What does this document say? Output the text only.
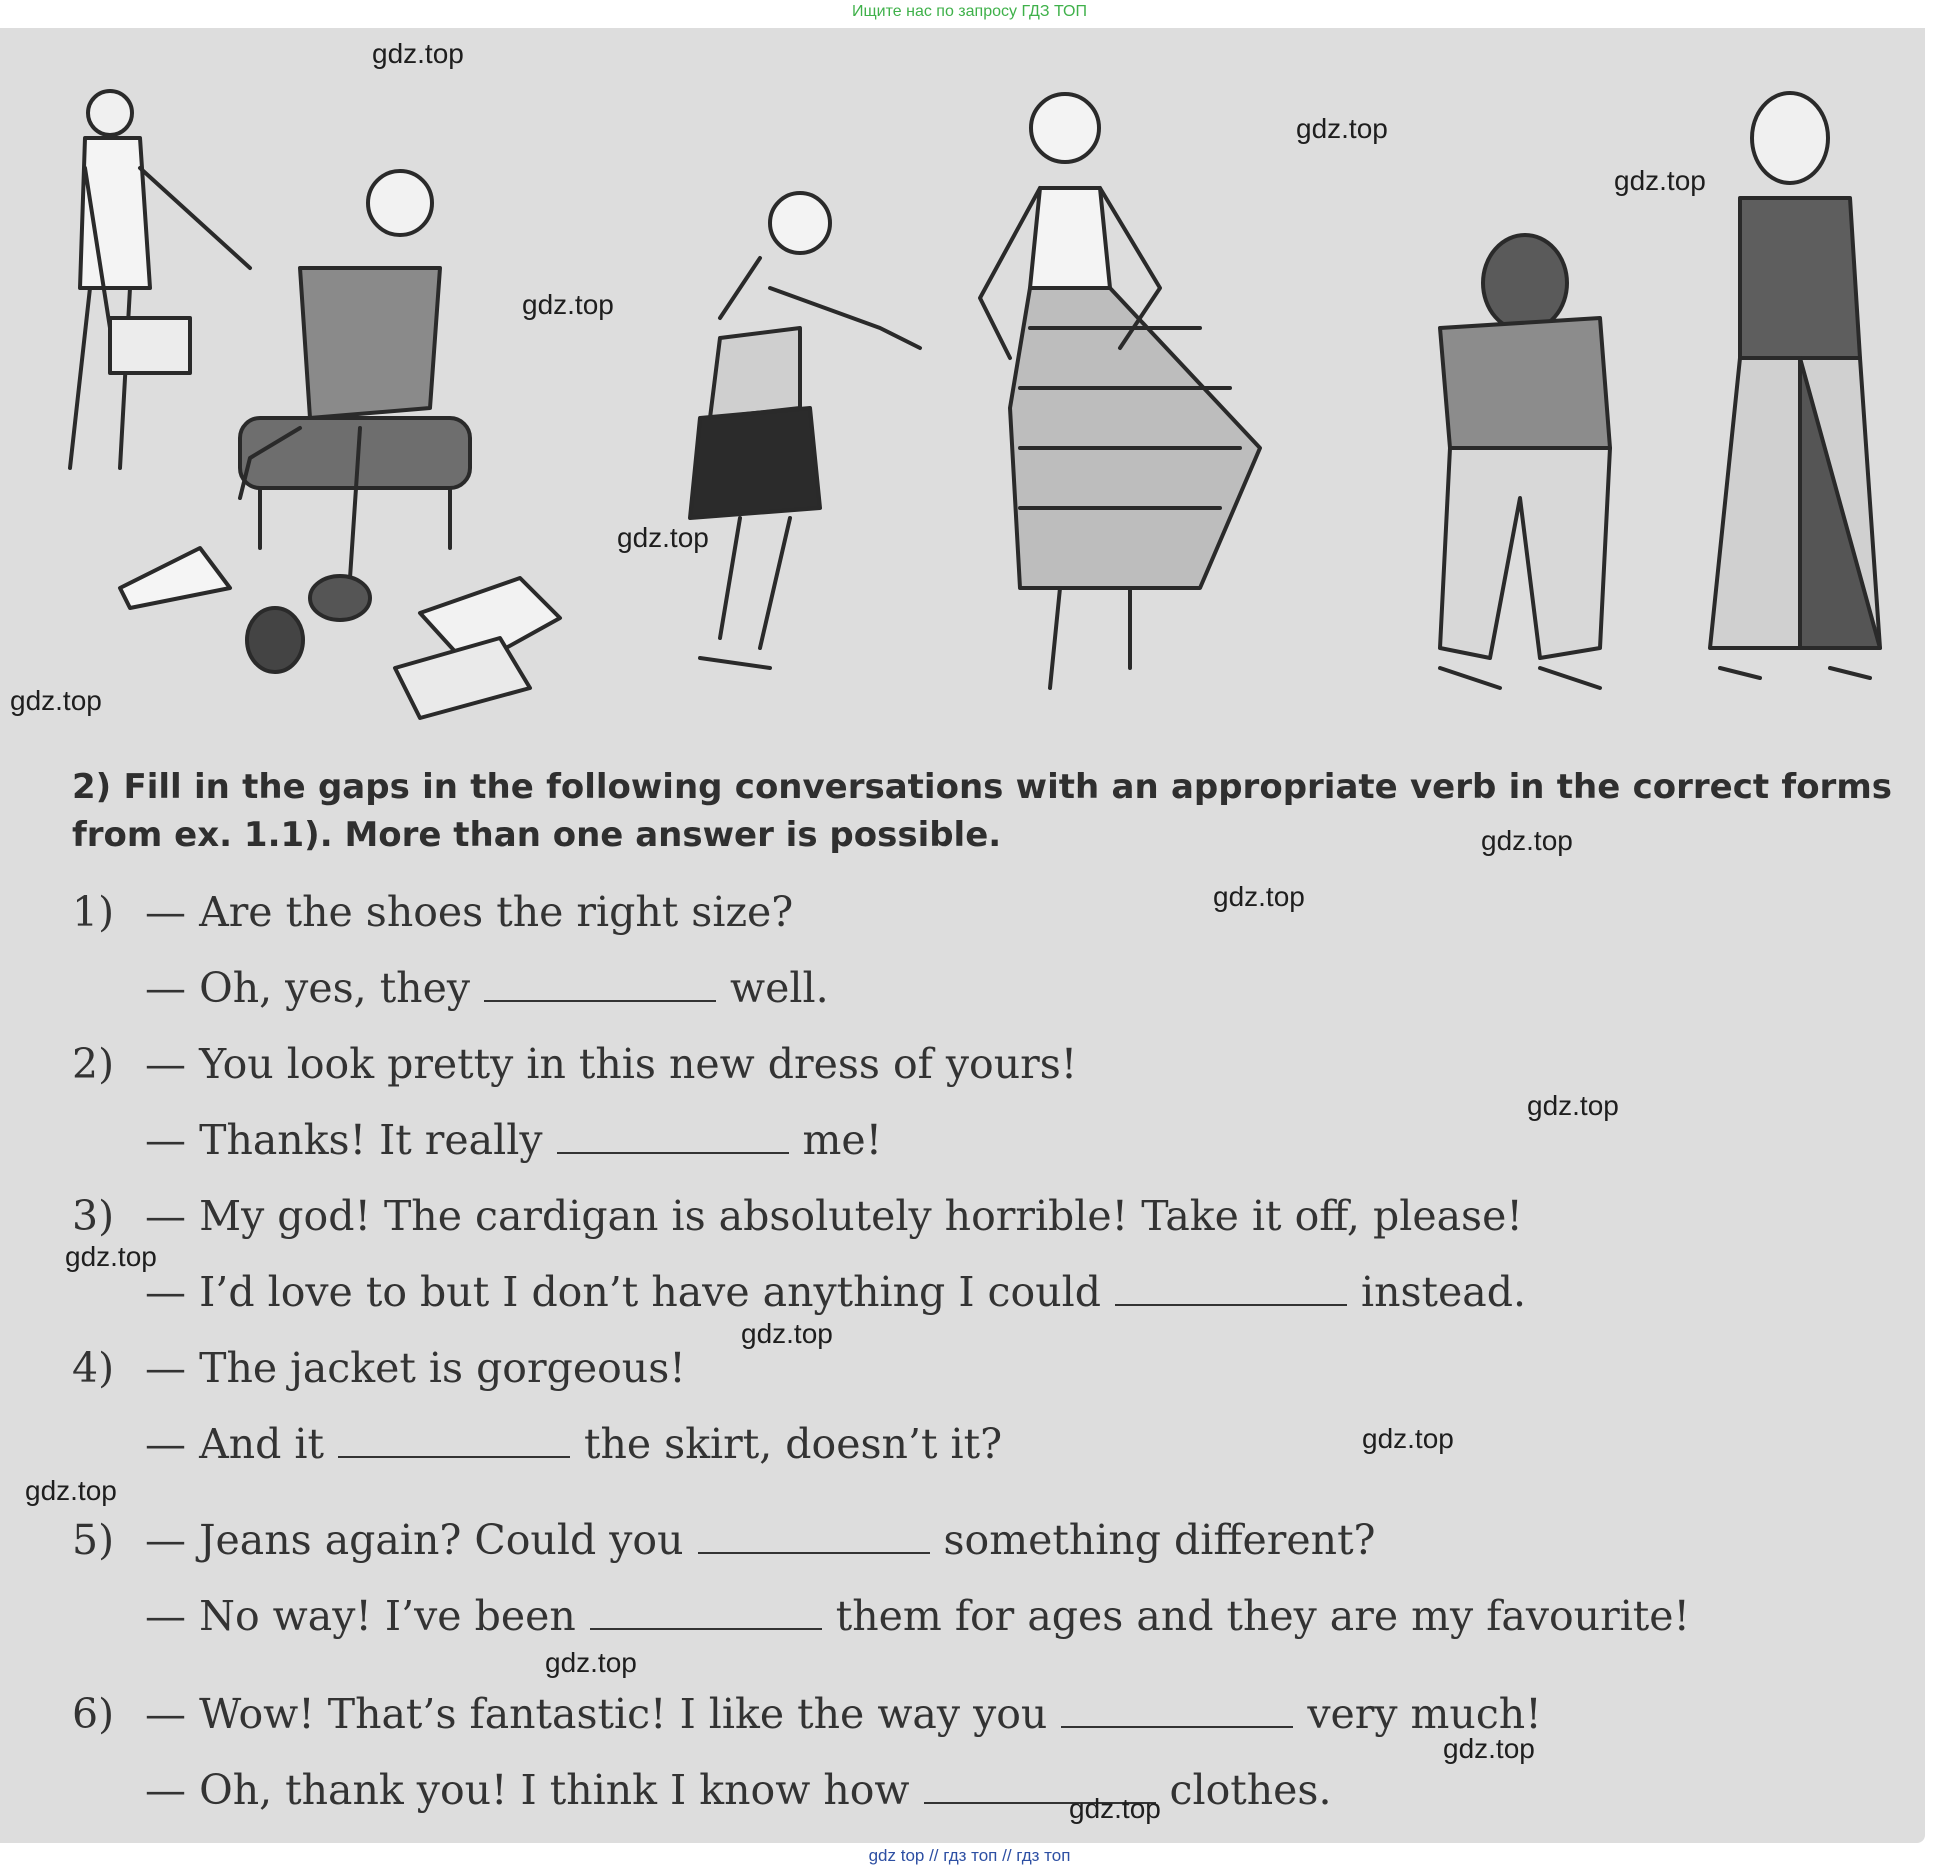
Ищите нас по запросу ГДЗ ТОП
2) Fill in the gaps in the following conversations with an appropriate verb in the correct forms from ex. 1.1). More than one answer is possible.
1) — Are the shoes the right size?
— Oh, yes, they	well.
2) — You look pretty in this new dress of yours!
— Thanks! It really	me!
3) — My god! The cardigan is absolutely horrible! Take it off, please!
— I’d love to but I don’t have anything I could	instead.
4) — The jacket is gorgeous!
— And it	the skirt, doesn’t it?
5) — Jeans again? Could you	something different?
— No way! I’ve been	them for ages and they are my favourite!
6) — Wow! That’s fantastic! I like the way you	very much!
— Oh, thank you! I think I know how	clothes.
gdz.top
gdz.top
gdz.top
gdz.top
gdz.top
gdz.top
gdz.top
gdz.top
gdz.top
gdz.top
gdz.top
gdz.top
gdz.top
gdz.top
gdz.top
gdz.top
gdz top // гдз топ // гдз топ
